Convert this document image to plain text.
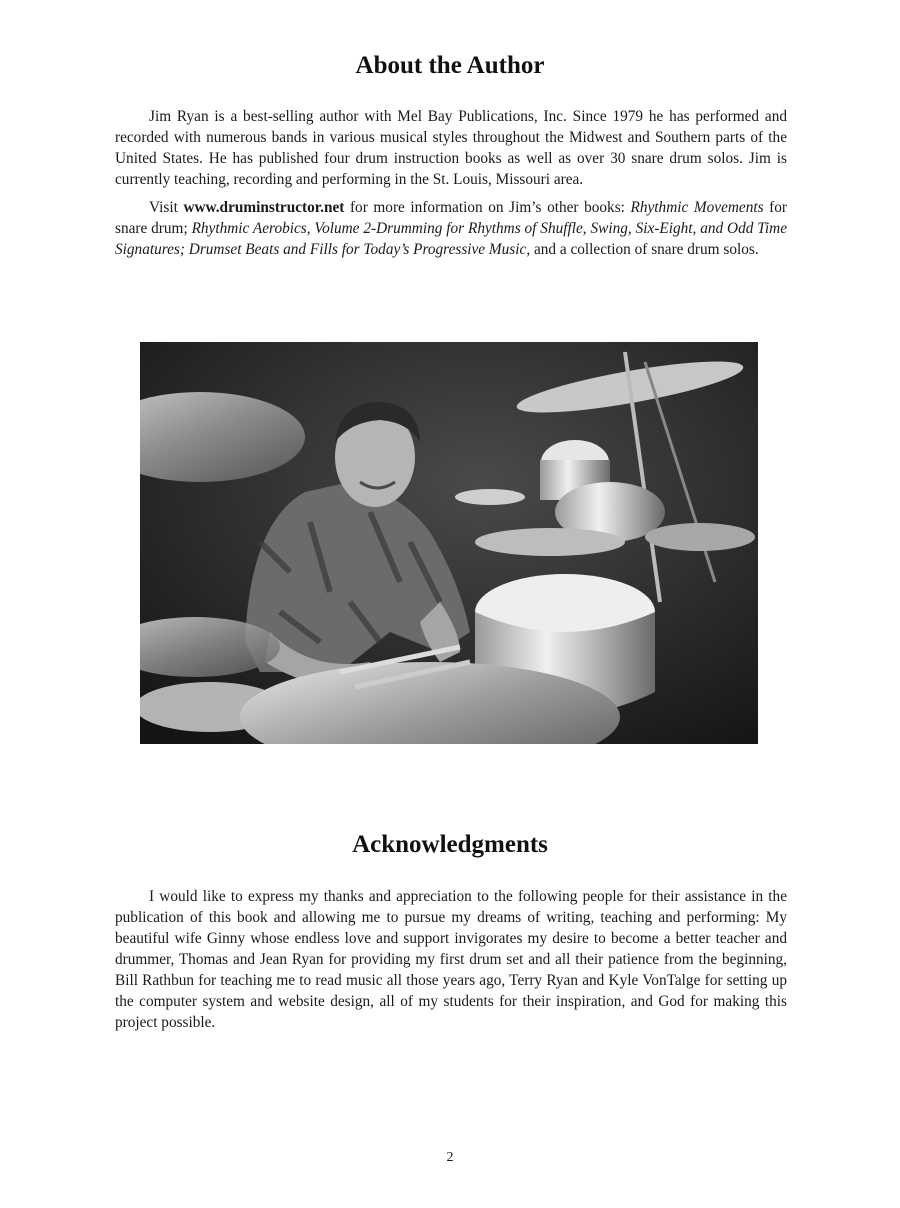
About the Author

Jim Ryan is a best-selling author with Mel Bay Publications, Inc. Since 1979 he has performed and recorded with numerous bands in various musical styles throughout the Midwest and Southern parts of the United States. He has published four drum instruction books as well as over 30 snare drum solos. Jim is currently teaching, recording and performing in the St. Louis, Missouri area.

Visit www.druminstructor.net for more information on Jim’s other books: Rhythmic Movements for snare drum; Rhythmic Aerobics, Volume 2-Drumming for Rhythms of Shuffle, Swing, Six-Eight, and Odd Time Signatures; Drumset Beats and Fills for Today’s Progressive Music, and a collection of snare drum solos.

Acknowledgments

I would like to express my thanks and appreciation to the following people for their assistance in the publication of this book and allowing me to pursue my dreams of writing, teaching and performing: My beautiful wife Ginny whose endless love and support invigorates my desire to become a better teacher and drummer, Thomas and Jean Ryan for providing my first drum set and all their patience from the beginning, Bill Rathbun for teaching me to read music all those years ago, Terry Ryan and Kyle VonTalge for setting up the computer system and website design, all of my students for their inspiration, and God for making this project possible.

2
